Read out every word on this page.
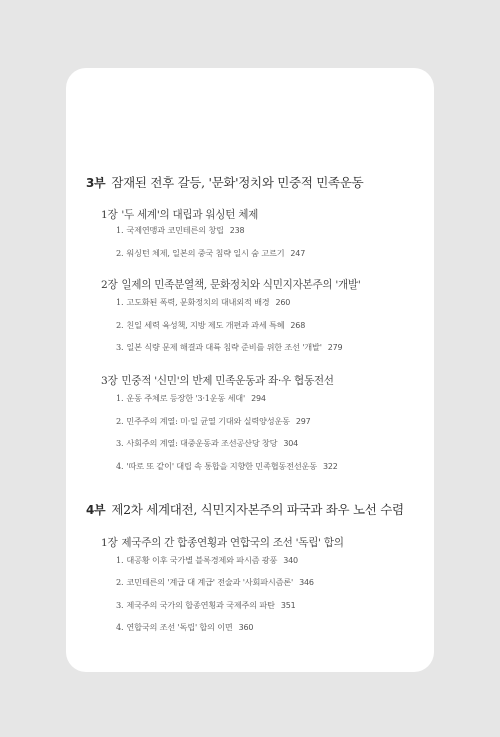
3부 잠재된 전후 갈등, '문화'정치와 민중적 민족운동
1장 '두 세계'의 대립과 워싱턴 체제
1. 국제연맹과 코민테른의 창립 238
2. 워싱턴 체제, 일본의 중국 침략 일시 숨 고르기 247
2장 일제의 민족분열책, 문화정치와 식민지자본주의 '개발'
1. 고도화된 폭력, 문화정치의 대내외적 배경 260
2. 친일 세력 육성책, 지방 제도 개편과 과세 특혜 268
3. 일본 식량 문제 해결과 대륙 침략 준비를 위한 조선 '개발' 279
3장 민중적 '신민'의 반제 민족운동과 좌·우 협동전선
1. 운동 주체로 등장한 '3·1운동 세대' 294
2. 민주주의 계열: 미·일 균열 기대와 실력양성운동 297
3. 사회주의 계열: 대중운동과 조선공산당 창당 304
4. '따로 또 같이' 대립 속 통합을 지향한 민족협동전선운동 322
4부 제2차 세계대전, 식민지자본주의 파국과 좌우 노선 수렴
1장 제국주의 간 합종연횡과 연합국의 조선 '독립' 합의
1. 대공황 이후 국가별 블록경제와 파시즘 광풍 340
2. 코민테른의 '계급 대 계급' 전술과 '사회파시즘론' 346
3. 제국주의 국가의 합종연횡과 국제주의 파탄 351
4. 연합국의 조선 '독립' 합의 이면 360
